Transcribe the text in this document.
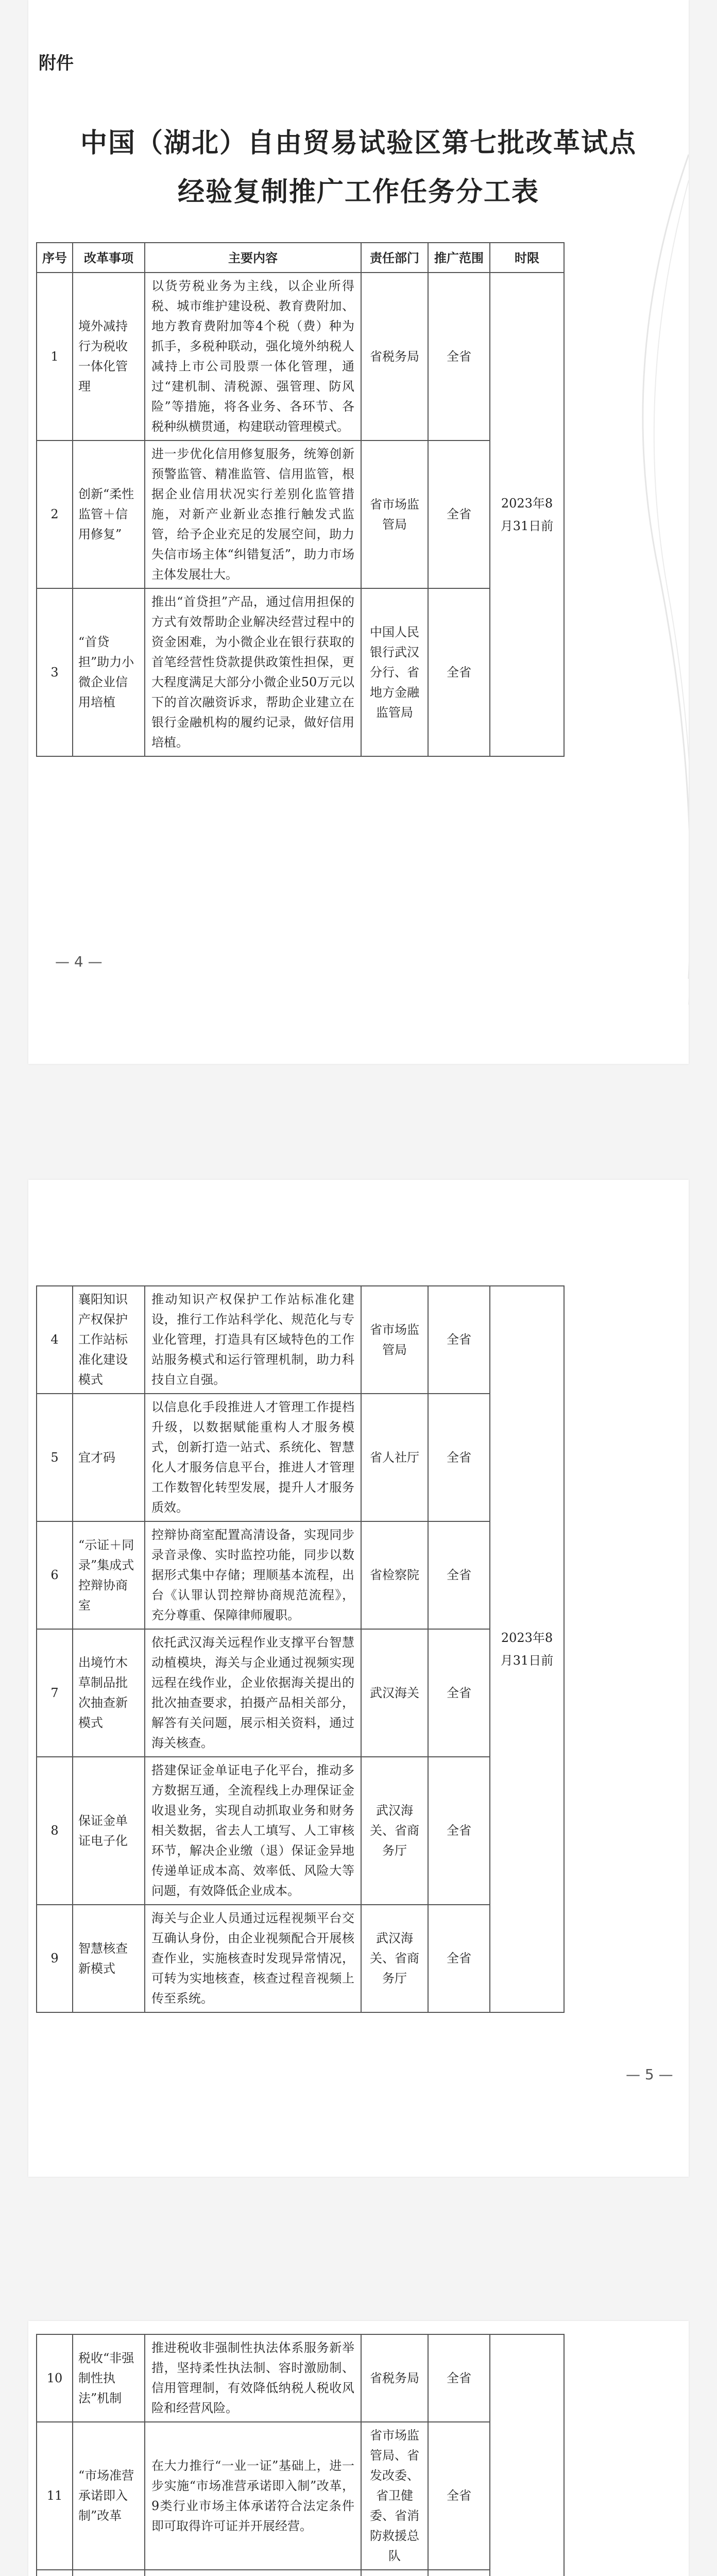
附件
中国（湖北）自由贸易试验区第七批改革试点
经验复制推广工作任务分工表
序号	改革事项	主要内容	责任部门	推广范围	时限
1	境外减持行为税收一体化管理	以货劳税业务为主线，以企业所得税、城市维护建设税、教育费附加、地方教育费附加等4个税（费）种为抓手，多税种联动，强化境外纳税人减持上市公司股票一体化管理，通过“建机制、清税源、强管理、防风险”等措施，将各业务、各环节、各税种纵横贯通，构建联动管理模式。	省税务局	全省	2023年8月31日前
2	创新“柔性监管＋信用修复”	进一步优化信用修复服务，统筹创新预警监管、精准监管、信用监管，根据企业信用状况实行差别化监管措施，对新产业新业态推行触发式监管，给予企业充足的发展空间，助力失信市场主体“纠错复活”，助力市场主体发展壮大。	省市场监管局	全省	
3	“首贷担”助力小微企业信用培植	推出“首贷担”产品，通过信用担保的方式有效帮助企业解决经营过程中的资金困难，为小微企业在银行获取的首笔经营性贷款提供政策性担保，更大程度满足大部分小微企业50万元以下的首次融资诉求，帮助企业建立在银行金融机构的履约记录，做好信用培植。	中国人民银行武汉分行、省地方金融监管局	全省	
— 4 —
4	襄阳知识产权保护工作站标准化建设模式	推动知识产权保护工作站标准化建设，推行工作站科学化、规范化与专业化管理，打造具有区域特色的工作站服务模式和运行管理机制，助力科技自立自强。	省市场监管局	全省	2023年8月31日前
5	宜才码	以信息化手段推进人才管理工作提档升级，以数据赋能重构人才服务模式，创新打造一站式、系统化、智慧化人才服务信息平台，推进人才管理工作数智化转型发展，提升人才服务质效。	省人社厅	全省	
6	“示证＋同录”集成式控辩协商室	控辩协商室配置高清设备，实现同步录音录像、实时监控功能，同步以数据形式集中存储；理顺基本流程，出台《认罪认罚控辩协商规范流程》，充分尊重、保障律师履职。	省检察院	全省	
7	出境竹木草制品批次抽查新模式	依托武汉海关远程作业支撑平台智慧动植模块，海关与企业通过视频实现远程在线作业，企业依据海关提出的批次抽查要求，拍摄产品相关部分，解答有关问题，展示相关资料，通过海关核查。	武汉海关	全省	
8	保证金单证电子化	搭建保证金单证电子化平台，推动多方数据互通，全流程线上办理保证金收退业务，实现自动抓取业务和财务相关数据，省去人工填写、人工审核环节，解决企业缴（退）保证金异地传递单证成本高、效率低、风险大等问题，有效降低企业成本。	武汉海关、省商务厅	全省	
9	智慧核查新模式	海关与企业人员通过远程视频平台交互确认身份，由企业视频配合开展核查作业，实施核查时发现异常情况，可转为实地核查，核查过程音视频上传至系统。	武汉海关、省商务厅	全省	
— 5 —
10	税收“非强制性执法”机制	推进税收非强制性执法体系服务新举措，坚持柔性执法制、容时激励制、信用管理制，有效降低纳税人税收风险和经营风险。	省税务局	全省	
11	“市场准营承诺即入制”改革	在大力推行“一业一证”基础上，进一步实施“市场准营承诺即入制”改革，9类行业市场主体承诺符合法定条件即可取得许可证并开展经营。	省市场监管局、省发改委、省卫健委、省消防救援总队	全省	
